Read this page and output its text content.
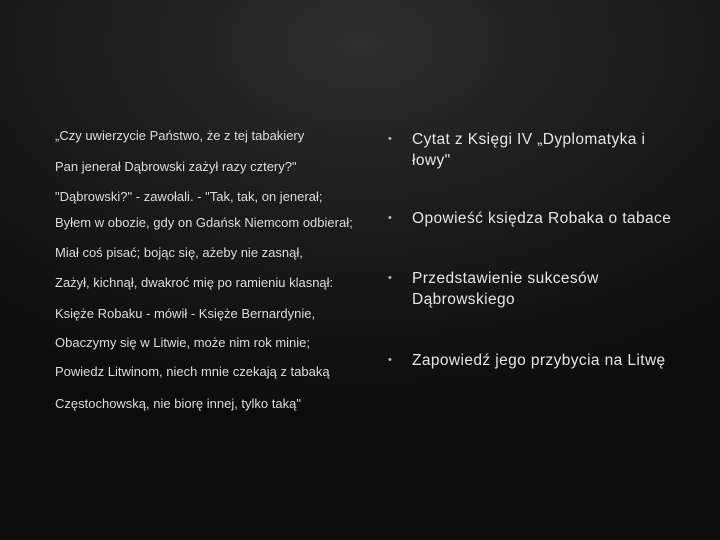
„Czy uwierzycie Państwo, że z tej tabakiery

Pan jenerał Dąbrowski zażył razy cztery?"

"Dąbrowski?" - zawołali. - "Tak, tak, on jenerał;

Byłem w obozie, gdy on Gdańsk Niemcom odbierał;

Miał coś pisać; bojąc się, ażeby nie zasnął,

Zażył, kichnął, dwakroć mię po ramieniu klasnął:

Księże Robaku - mówił - Księże Bernardynie,

Obaczymy się w Litwie, może nim rok minie;

Powiedz Litwinom, niech mnie czekają z tabaką

Częstochowską, nie biorę innej, tylko taką"

• Cytat z Księgi IV „Dyplomatyka i łowy"
• Opowieść księdza Robaka o tabace
• Przedstawienie sukcesów Dąbrowskiego
• Zapowiedź jego przybycia na Litwę
